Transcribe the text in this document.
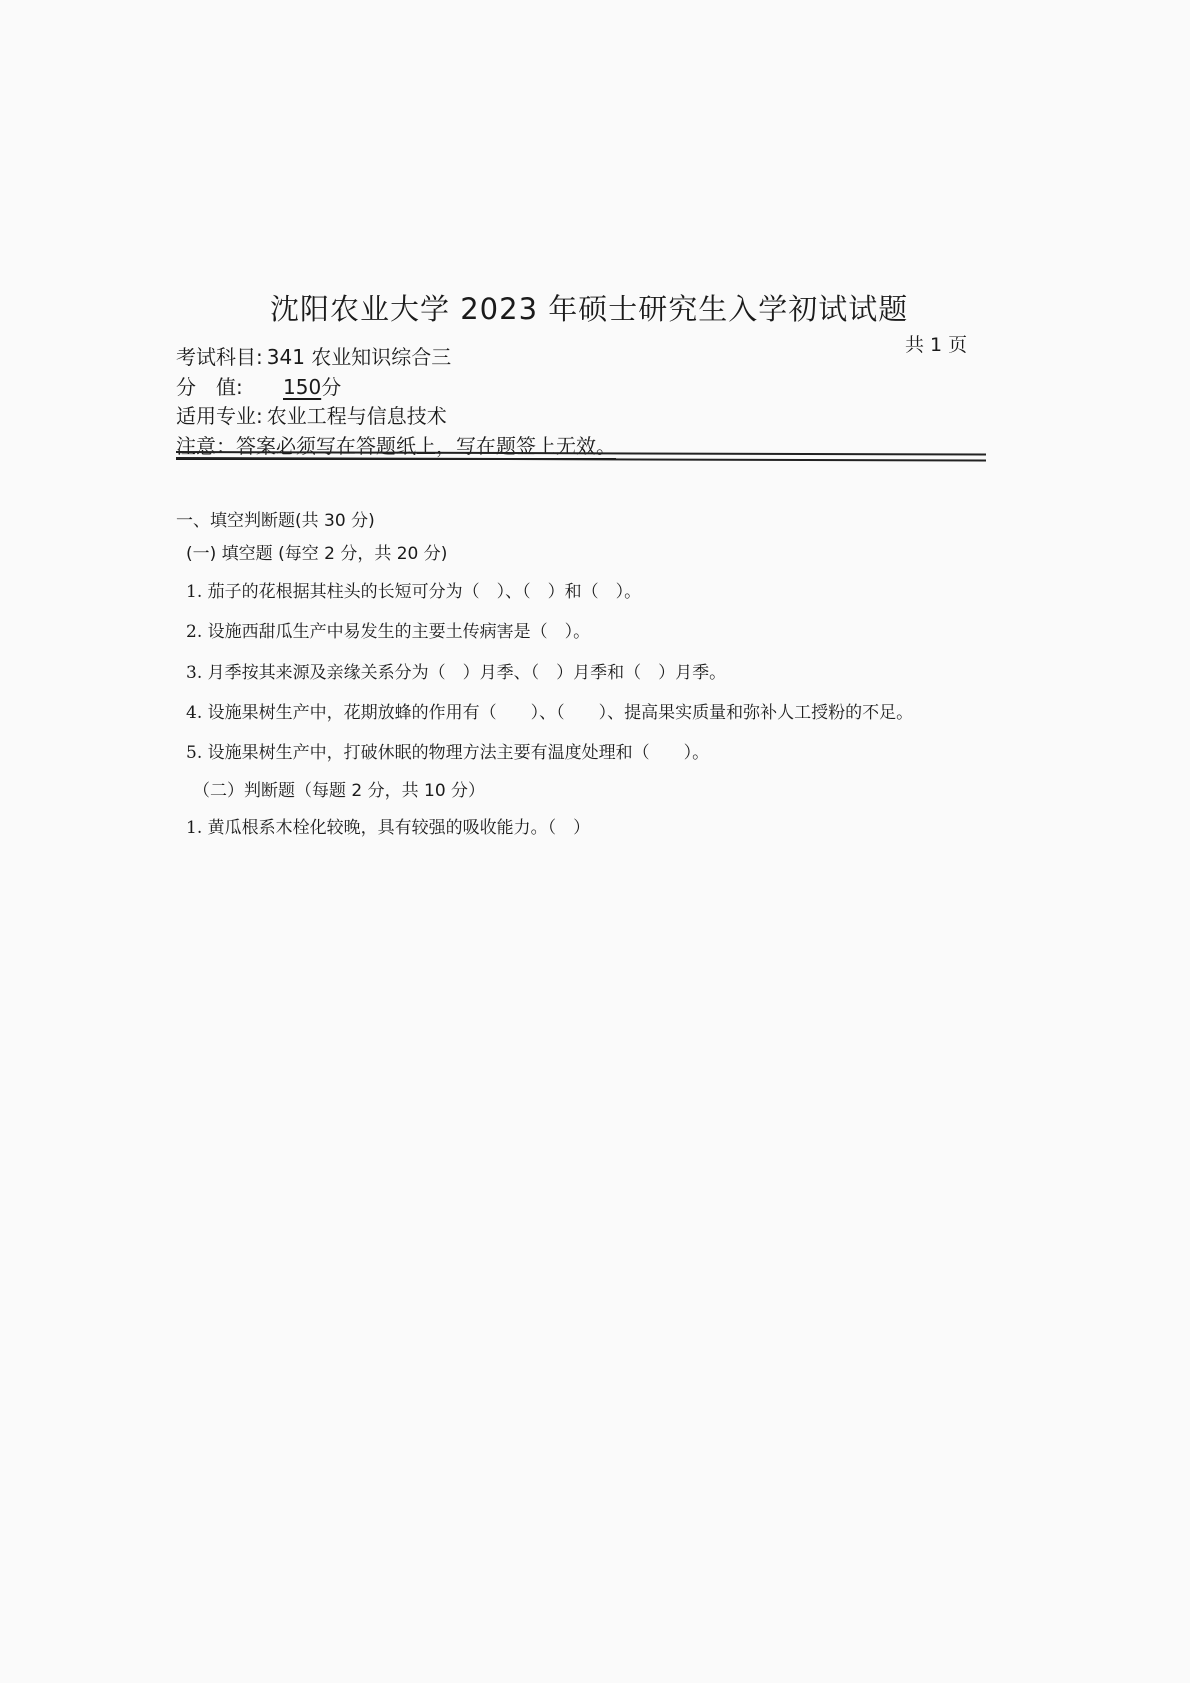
沈阳农业大学 2023 年硕士研究生入学初试试题
共 1 页
考试科目: 341 农业知识综合三
分　值: 150分
适用专业: 农业工程与信息技术
注意：答案必须写在答题纸上，写在题签上无效。
一、填空判断题(共 30 分)
(一) 填空题 (每空 2 分，共 20 分)
1. 茄子的花根据其柱头的长短可分为（　）、（　）和（　）。
2. 设施西甜瓜生产中易发生的主要土传病害是（　）。
3. 月季按其来源及亲缘关系分为（　）月季、（　）月季和（　）月季。
4. 设施果树生产中，花期放蜂的作用有（　　）、（　　）、提高果实质量和弥补人工授粉的不足。
5. 设施果树生产中，打破休眠的物理方法主要有温度处理和（　　）。
（二）判断题（每题 2 分，共 10 分）
1. 黄瓜根系木栓化较晚，具有较强的吸收能力。（　）
